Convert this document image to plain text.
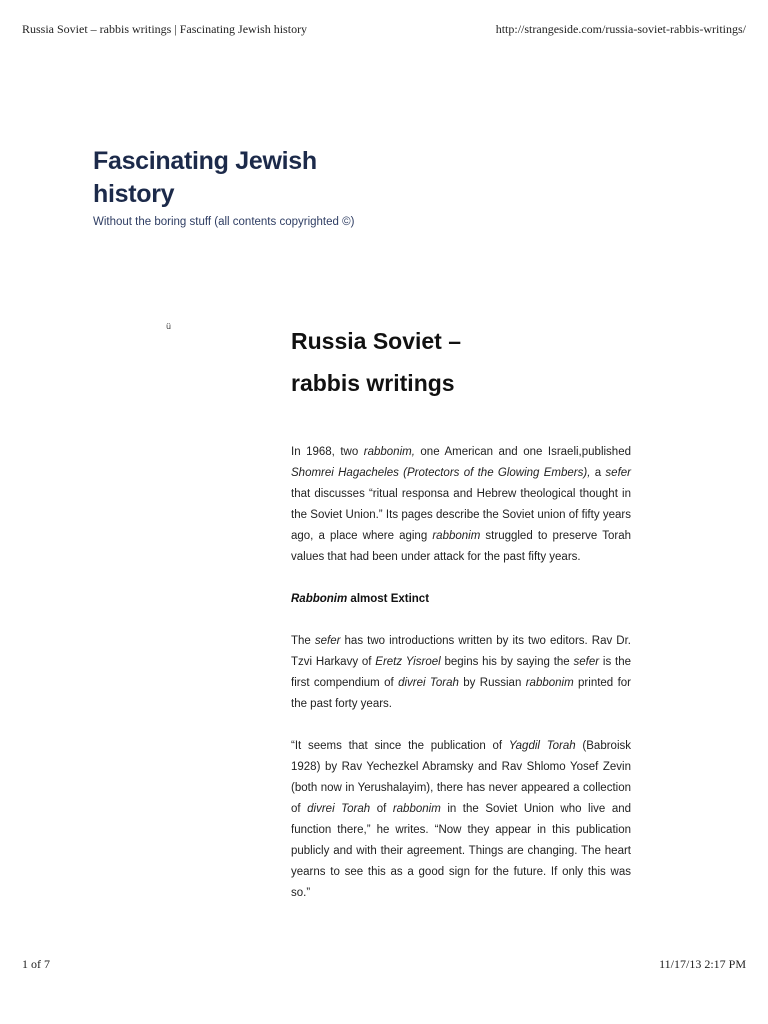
Russia Soviet – rabbis writings | Fascinating Jewish history	http://strangeside.com/russia-soviet-rabbis-writings/
Fascinating Jewish history

Without the boring stuff (all contents copyrighted ©)

ü
Russia Soviet – rabbis writings

In 1968, two rabbonim, one American and one Israeli,published Shomrei Hagacheles (Protectors of the Glowing Embers), a sefer that discusses “ritual responsa and Hebrew theological thought in the Soviet Union.” Its pages describe the Soviet union of fifty years ago, a place where aging rabbonim struggled to preserve Torah values that had been under attack for the past fifty years.

Rabbonim almost Extinct

The sefer has two introductions written by its two editors. Rav Dr. Tzvi Harkavy of Eretz Yisroel begins his by saying the sefer is the first compendium of divrei Torah by Russian rabbonim printed for the past forty years.

“It seems that since the publication of Yagdil Torah (Babroisk 1928) by Rav Yechezkel Abramsky and Rav Shlomo Yosef Zevin (both now in Yerushalayim), there has never appeared a collection of divrei Torah of rabbonim in the Soviet Union who live and function there,” he writes. “Now they appear in this publication publicly and with their agreement. Things are changing. The heart yearns to see this as a good sign for the future. If only this was so.”

1 of 7	11/17/13 2:17 PM
